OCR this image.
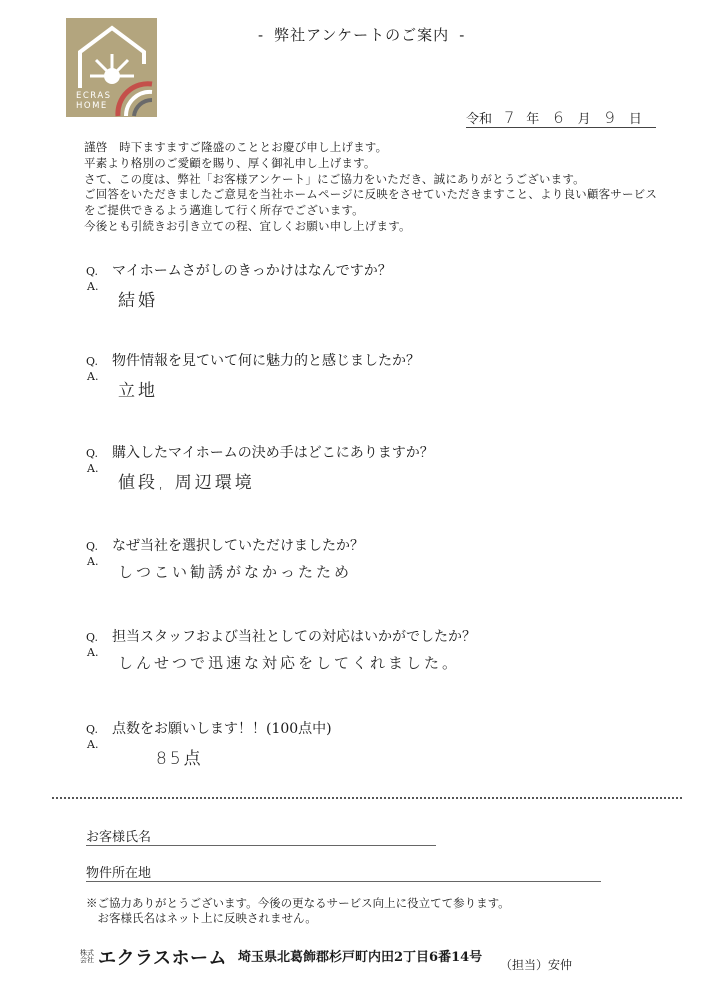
ECRAS
HOME
- 弊社アンケートのご案内 -
令和 7 年 6 月 9 日
謹啓　時下ますますご隆盛のこととお慶び申し上げます。
平素より格別のご愛顧を賜り、厚く御礼申し上げます。
さて、この度は、弊社「お客様アンケート」にご協力をいただき、誠にありがとうございます。
ご回答をいただきましたご意見を当社ホームページに反映をさせていただきますこと、より良い顧客サービス
をご提供できるよう邁進して行く所存でございます。
今後とも引続きお引き立ての程、宜しくお願い申し上げます。
Q. マイホームさがしのきっかけはなんですか？
A.
結婚
Q. 物件情報を見ていて何に魅力的と感じましたか？
A.
立地
Q. 購入したマイホームの決め手はどこにありますか？
A.
値段, 周辺環境
Q. なぜ当社を選択していただけましたか？
A.
しつこい勧誘がなかったため
Q. 担当スタッフおよび当社としての対応はいかがでしたか？
A.
しんせつで迅速な対応をしてくれました。
Q. 点数をお願いします！！(100点中)
A.
85点
お客様氏名
物件所在地
※ご協力ありがとうございます。今後の更なるサービス向上に役立てて参ります。
　お客様氏名はネット上に反映されません。
株式
会社 エクラスホーム 埼玉県北葛飾郡杉戸町内田2丁目6番14号 （担当）安仲
